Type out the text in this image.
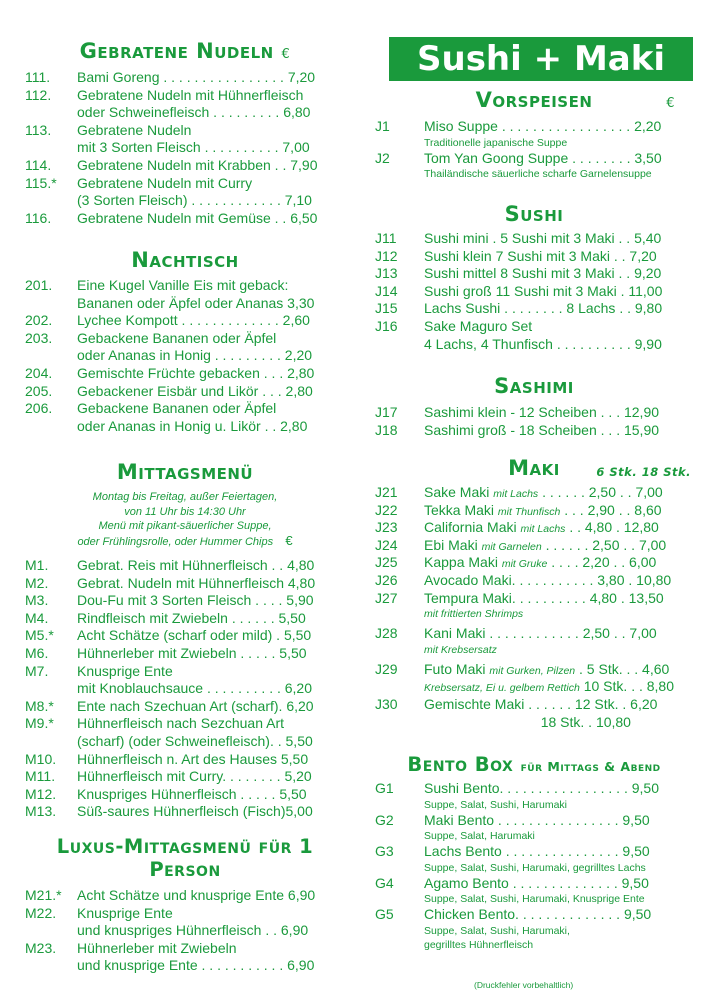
Gebratene Nudeln €
111. Bami Goreng . . . . . . . . . . . . . . . . 7,20
112. Gebratene Nudeln mit Hühnerfleisch
oder Schweinefleisch . . . . . . . . . 6,80
113. Gebratene Nudeln
mit 3 Sorten Fleisch . . . . . . . . . . 7,00
114. Gebratene Nudeln mit Krabben . . 7,90
115.* Gebratene Nudeln mit Curry
(3 Sorten Fleisch) . . . . . . . . . . . . 7,10
116. Gebratene Nudeln mit Gemüse . . 6,50
Nachtisch
201. Eine Kugel Vanille Eis mit geback:
Bananen oder Äpfel oder Ananas 3,30
202. Lychee Kompott . . . . . . . . . . . . . 2,60
203. Gebackene Bananen oder Äpfel
oder Ananas in Honig . . . . . . . . . 2,20
204. Gemischte Früchte gebacken . . . 2,80
205. Gebackener Eisbär und Likör . . . 2,80
206. Gebackene Bananen oder Äpfel
oder Ananas in Honig u. Likör . . 2,80
Mittagsmenü
Montag bis Freitag, außer Feiertagen,
von 11 Uhr bis 14:30 Uhr
Menü mit pikant-säuerlicher Suppe,
oder Frühlingsrolle, oder Hummer Chips €
M1. Gebrat. Reis mit Hühnerfleisch . . 4,80
M2. Gebrat. Nudeln mit Hühnerfleisch 4,80
M3. Dou-Fu mit 3 Sorten Fleisch . . . . 5,90
M4. Rindfleisch mit Zwiebeln . . . . . . 5,50
M5.* Acht Schätze (scharf oder mild) . 5,50
M6. Hühnerleber mit Zwiebeln . . . . . 5,50
M7. Knusprige Ente
mit Knoblauchsauce . . . . . . . . . . 6,20
M8.* Ente nach Szechuan Art (scharf). 6,20
M9.* Hühnerfleisch nach Sezchuan Art
(scharf) (oder Schweinefleisch). . 5,50
M10. Hühnerfleisch n. Art des Hauses 5,50
M11. Hühnerfleisch mit Curry. . . . . . . . 5,20
M12. Knuspriges Hühnerfleisch . . . . . 5,50
M13. Süß-saures Hühnerfleisch (Fisch)5,00
Luxus-Mittagsmenü für 1
Person
M21.* Acht Schätze und knusprige Ente 6,90
M22. Knusprige Ente
und knuspriges Hühnerfleisch . . 6,90
M23. Hühnerleber mit Zwiebeln
und knusprige Ente . . . . . . . . . . . 6,90
Sushi + Maki
Vorspeisen	€
J1 Miso Suppe . . . . . . . . . . . . . . . . . 2,20
Traditionelle japanische Suppe
J2 Tom Yan Goong Suppe . . . . . . . . 3,50
Thailändische säuerliche scharfe Garnelensuppe
Sushi
J11 Sushi mini . 5 Sushi mit 3 Maki . . 5,40
J12 Sushi klein 7 Sushi mit 3 Maki . . 7,20
J13 Sushi mittel 8 Sushi mit 3 Maki . . 9,20
J14 Sushi groß 11 Sushi mit 3 Maki . 11,00
J15 Lachs Sushi . . . . . . . . 8 Lachs . . 9,80
J16 Sake Maguro Set
4 Lachs, 4 Thunfisch . . . . . . . . . . 9,90
Sashimi
J17 Sashimi klein - 12 Scheiben . . . 12,90
J18 Sashimi groß - 18 Scheiben . . . 15,90
Maki	6 Stk. 18 Stk.
J21 Sake Maki mit Lachs . . . . . . 2,50 . . 7,00
J22 Tekka Maki mit Thunfisch . . . 2,90 . . 8,60
J23 California Maki mit Lachs . . 4,80 . 12,80
J24 Ebi Maki mit Garnelen . . . . . . 2,50 . . 7,00
J25 Kappa Maki mit Gruke . . . . 2,20 . . 6,00
J26 Avocado Maki. . . . . . . . . . . 3,80 . 10,80
J27 Tempura Maki. . . . . . . . . . 4,80 . 13,50
mit frittierten Shrimps
J28 Kani Maki . . . . . . . . . . . . 2,50 . . 7,00
mit Krebsersatz
J29 Futo Maki mit Gurken, Pilzen . 5 Stk. . . 4,60
Krebsersatz, Ei u. gelbem Rettich 10 Stk. . . 8,80
J30 Gemischte Maki . . . . . . 12 Stk. . 6,20
18 Stk. . 10,80
Bento Box für Mittags & Abend
G1 Sushi Bento. . . . . . . . . . . . . . . . . 9,50
Suppe, Salat, Sushi, Harumaki
G2 Maki Bento . . . . . . . . . . . . . . . . 9,50
Suppe, Salat, Harumaki
G3 Lachs Bento . . . . . . . . . . . . . . . 9,50
Suppe, Salat, Sushi, Harumaki, gegrilltes Lachs
G4 Agamo Bento . . . . . . . . . . . . . . 9,50
Suppe, Salat, Sushi, Harumaki, Knusprige Ente
G5 Chicken Bento. . . . . . . . . . . . . . 9,50
Suppe, Salat, Sushi, Harumaki,
gegrilltes Hühnerfleisch
(Druckfehler vorbehaltlich)
